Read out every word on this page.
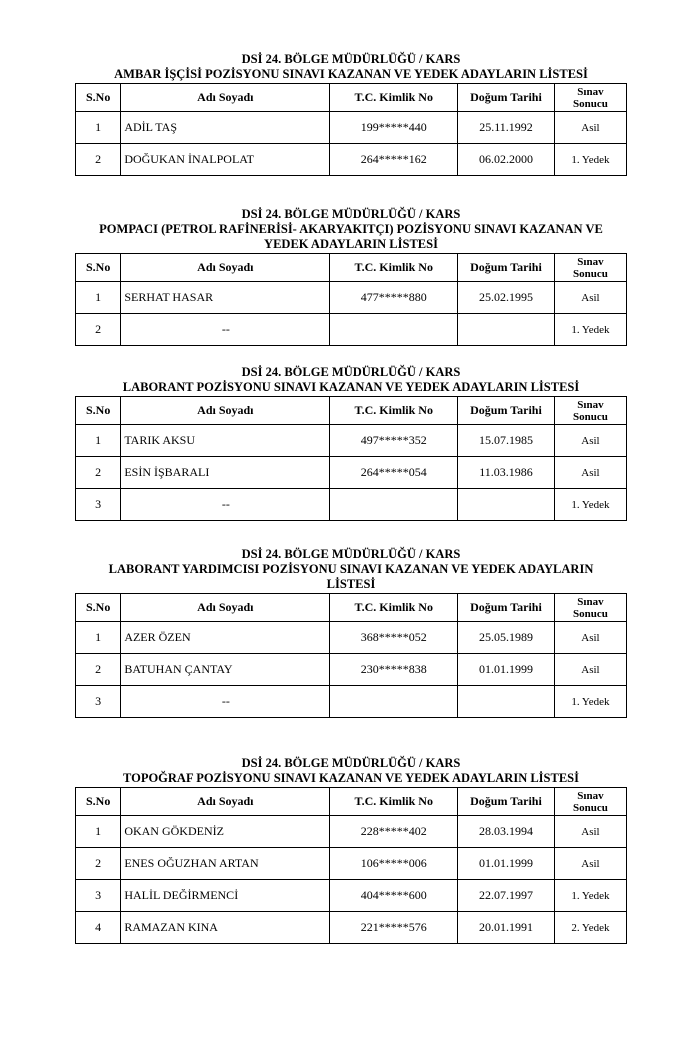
DSİ 24. BÖLGE MÜDÜRLÜĞÜ / KARS
AMBAR İŞÇİSİ POZİSYONU SINAVI KAZANAN VE YEDEK ADAYLARIN LİSTESİ
S.No	Adı Soyadı	T.C. Kimlik No	Doğum Tarihi	Sınav
Sonucu

1	ADİL TAŞ	199*****440	25.11.1992	Asil
2	DOĞUKAN İNALPOLAT	264*****162	06.02.2000	1. Yedek
DSİ 24. BÖLGE MÜDÜRLÜĞÜ / KARS
POMPACI (PETROL RAFİNERİSİ- AKARYAKITÇI) POZİSYONU SINAVI KAZANAN VE
YEDEK ADAYLARIN LİSTESİ
S.No	Adı Soyadı	T.C. Kimlik No	Doğum Tarihi	Sınav
Sonucu

1	SERHAT HASAR	477*****880	25.02.1995	Asil
2	--			1. Yedek
DSİ 24. BÖLGE MÜDÜRLÜĞÜ / KARS
LABORANT POZİSYONU SINAVI KAZANAN VE YEDEK ADAYLARIN LİSTESİ
S.No	Adı Soyadı	T.C. Kimlik No	Doğum Tarihi	Sınav
Sonucu

1	TARIK AKSU	497*****352	15.07.1985	Asil
2	ESİN İŞBARALI	264*****054	11.03.1986	Asil
3	--			1. Yedek
DSİ 24. BÖLGE MÜDÜRLÜĞÜ / KARS
LABORANT YARDIMCISI POZİSYONU SINAVI KAZANAN VE YEDEK ADAYLARIN
LİSTESİ
S.No	Adı Soyadı	T.C. Kimlik No	Doğum Tarihi	Sınav
Sonucu

1	AZER ÖZEN	368*****052	25.05.1989	Asil
2	BATUHAN ÇANTAY	230*****838	01.01.1999	Asil
3	--			1. Yedek
DSİ 24. BÖLGE MÜDÜRLÜĞÜ / KARS
TOPOĞRAF POZİSYONU SINAVI KAZANAN VE YEDEK ADAYLARIN LİSTESİ
S.No	Adı Soyadı	T.C. Kimlik No	Doğum Tarihi	Sınav
Sonucu

1	OKAN GÖKDENİZ	228*****402	28.03.1994	Asil
2	ENES OĞUZHAN ARTAN	106*****006	01.01.1999	Asil
3	HALİL DEĞİRMENCİ	404*****600	22.07.1997	1. Yedek
4	RAMAZAN KINA	221*****576	20.01.1991	2. Yedek
